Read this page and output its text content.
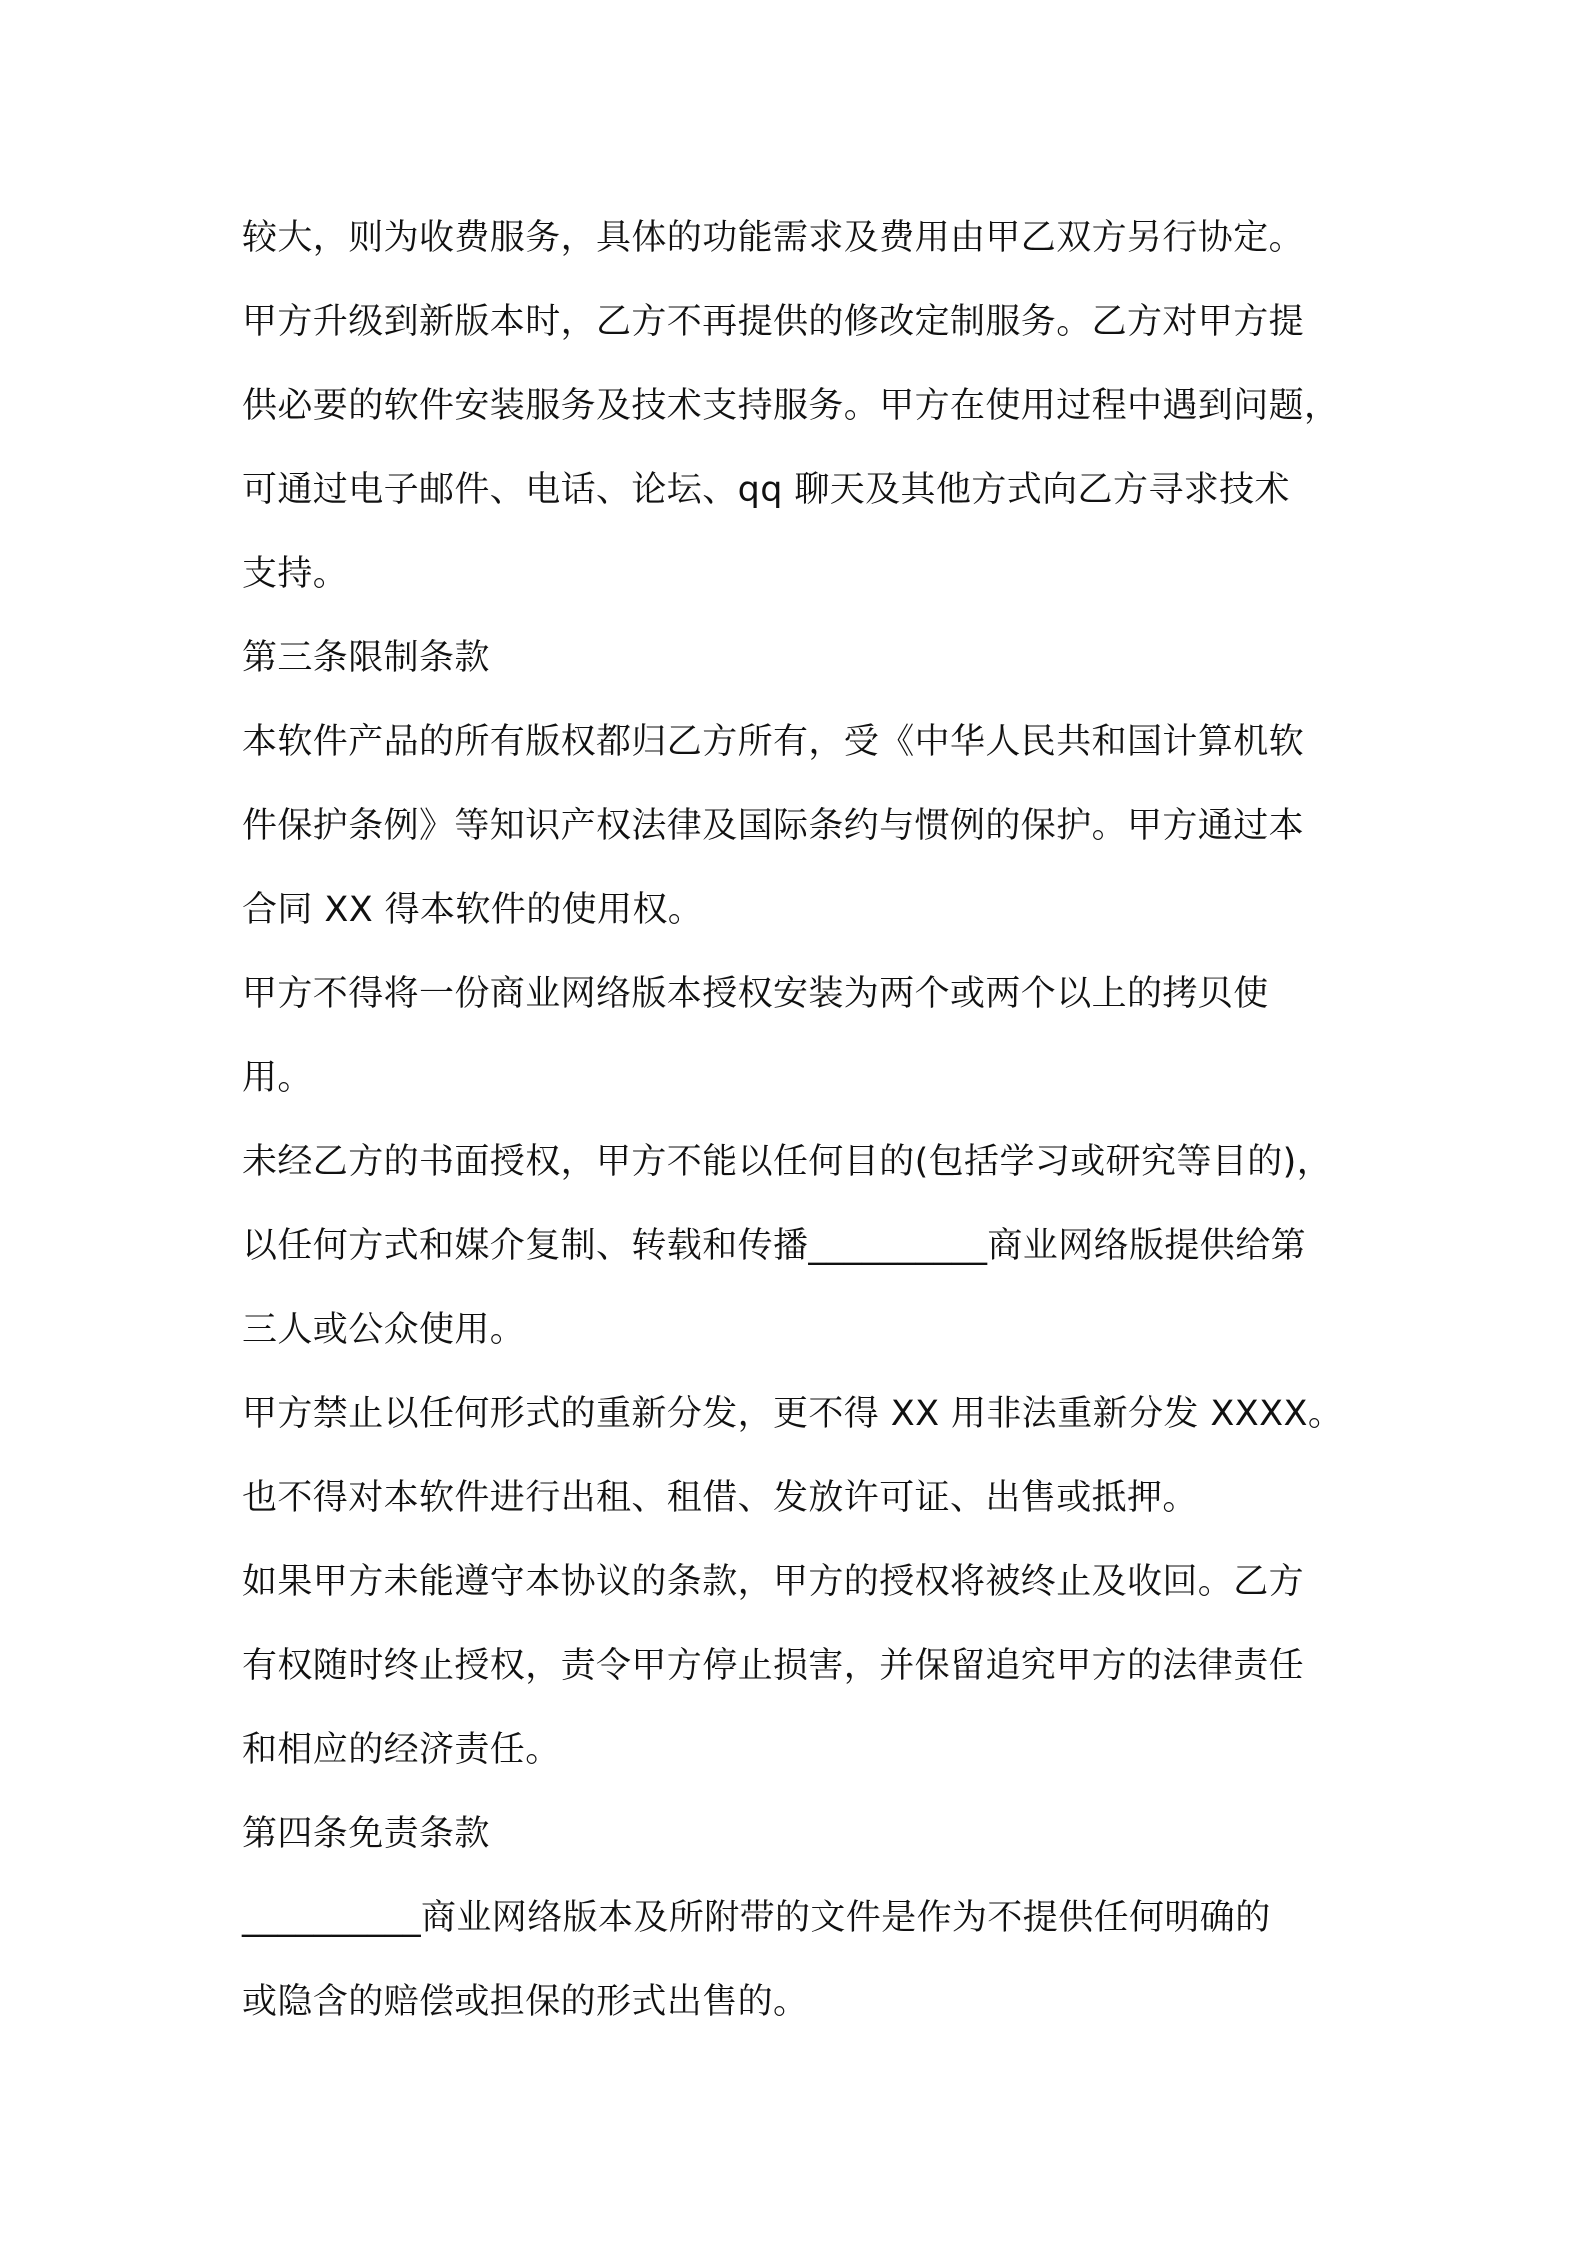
较大，则为收费服务，具体的功能需求及费用由甲乙双方另行协定。
甲方升级到新版本时，乙方不再提供的修改定制服务。乙方对甲方提
供必要的软件安装服务及技术支持服务。甲方在使用过程中遇到问题，
可通过电子邮件、电话、论坛、qq 聊天及其他方式向乙方寻求技术
支持。
第三条限制条款
本软件产品的所有版权都归乙方所有，受《中华人民共和国计算机软
件保护条例》等知识产权法律及国际条约与惯例的保护。甲方通过本
合同 XX 得本软件的使用权。
甲方不得将一份商业网络版本授权安装为两个或两个以上的拷贝使
用。
未经乙方的书面授权，甲方不能以任何目的(包括学习或研究等目的)，
以任何方式和媒介复制、转载和传播__________商业网络版提供给第
三人或公众使用。
甲方禁止以任何形式的重新分发，更不得 XX 用非法重新分发 XXXX。
也不得对本软件进行出租、租借、发放许可证、出售或抵押。
如果甲方未能遵守本协议的条款，甲方的授权将被终止及收回。乙方
有权随时终止授权，责令甲方停止损害，并保留追究甲方的法律责任
和相应的经济责任。
第四条免责条款
__________商业网络版本及所附带的文件是作为不提供任何明确的
或隐含的赔偿或担保的形式出售的。
